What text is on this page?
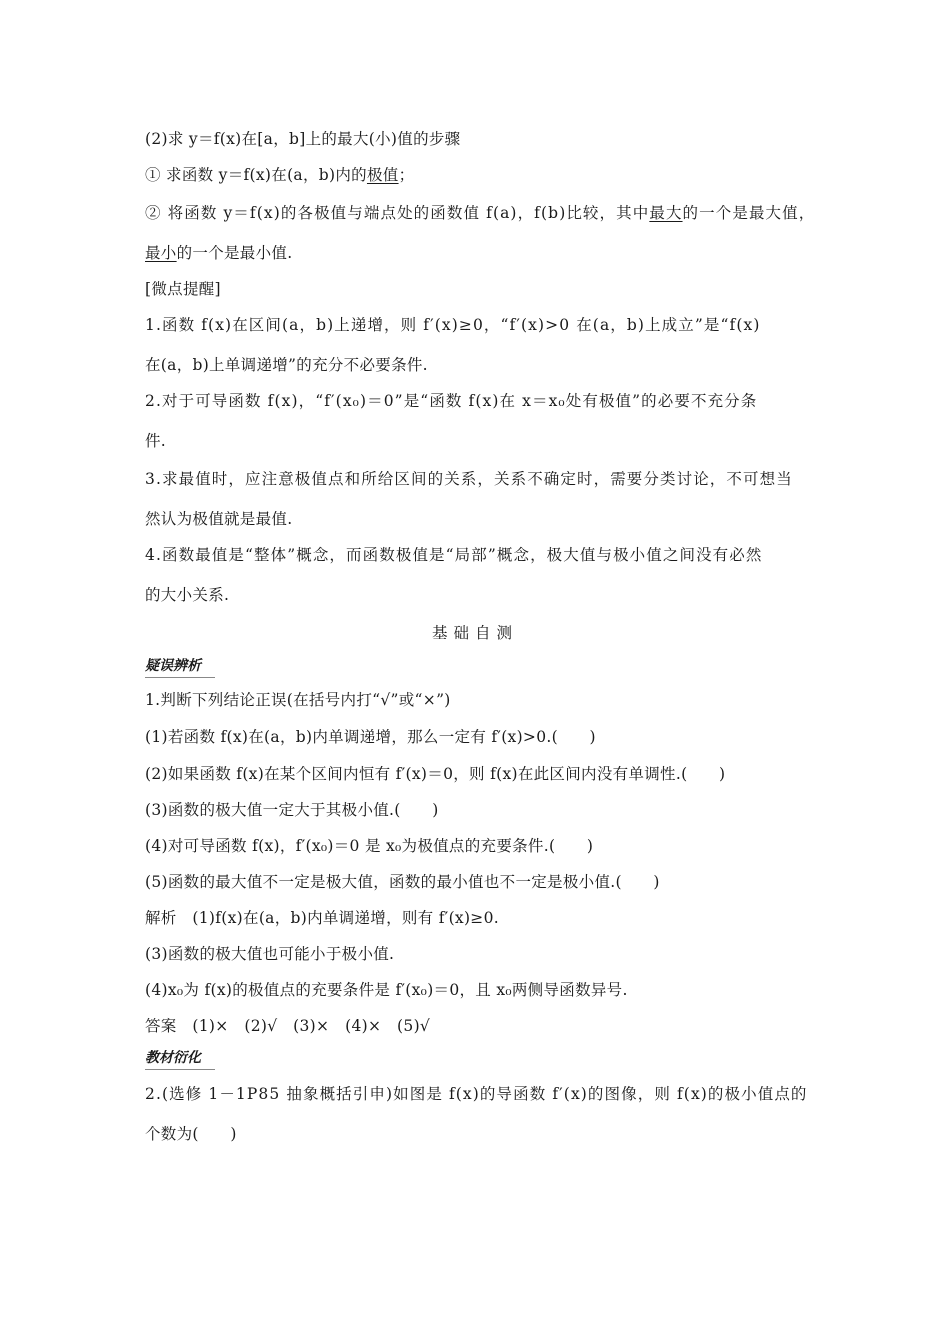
(2)求 y＝f(x)在[a，b]上的最大(小)值的步骤
① 求函数 y＝f(x)在(a，b)内的极值；
② 将函数 y＝f(x)的各极值与端点处的函数值 f(a)，f(b)比较，其中最大的一个是最大值，
最小的一个是最小值.
[微点提醒]
1.函数 f(x)在区间(a，b)上递增，则 f′(x)≥0，“f′(x)>0 在(a，b)上成立”是“f(x)
在(a，b)上单调递增”的充分不必要条件.
2.对于可导函数 f(x)，“f′(x₀)＝0”是“函数 f(x)在 x＝x₀处有极值”的必要不充分条
件.
3.求最值时，应注意极值点和所给区间的关系，关系不确定时，需要分类讨论，不可想当
然认为极值就是最值.
4.函数最值是“整体”概念，而函数极值是“局部”概念，极大值与极小值之间没有必然
的大小关系.
基础自测
疑误辨析
1.判断下列结论正误(在括号内打“√”或“×”)
(1)若函数 f(x)在(a，b)内单调递增，那么一定有 f′(x)>0.(　　)
(2)如果函数 f(x)在某个区间内恒有 f′(x)＝0，则 f(x)在此区间内没有单调性.(　　)
(3)函数的极大值一定大于其极小值.(　　)
(4)对可导函数 f(x)，f′(x₀)＝0 是 x₀为极值点的充要条件.(　　)
(5)函数的最大值不一定是极大值，函数的最小值也不一定是极小值.(　　)
解析　(1)f(x)在(a，b)内单调递增，则有 f′(x)≥0.
(3)函数的极大值也可能小于极小值.
(4)x₀为 f(x)的极值点的充要条件是 f′(x₀)＝0，且 x₀两侧导函数异号.
答案　(1)×　(2)√　(3)×　(4)×　(5)√
教材衍化
2.(选修 1－1P85 抽象概括引申)如图是 f(x)的导函数 f′(x)的图像，则 f(x)的极小值点的
个数为(　　)
